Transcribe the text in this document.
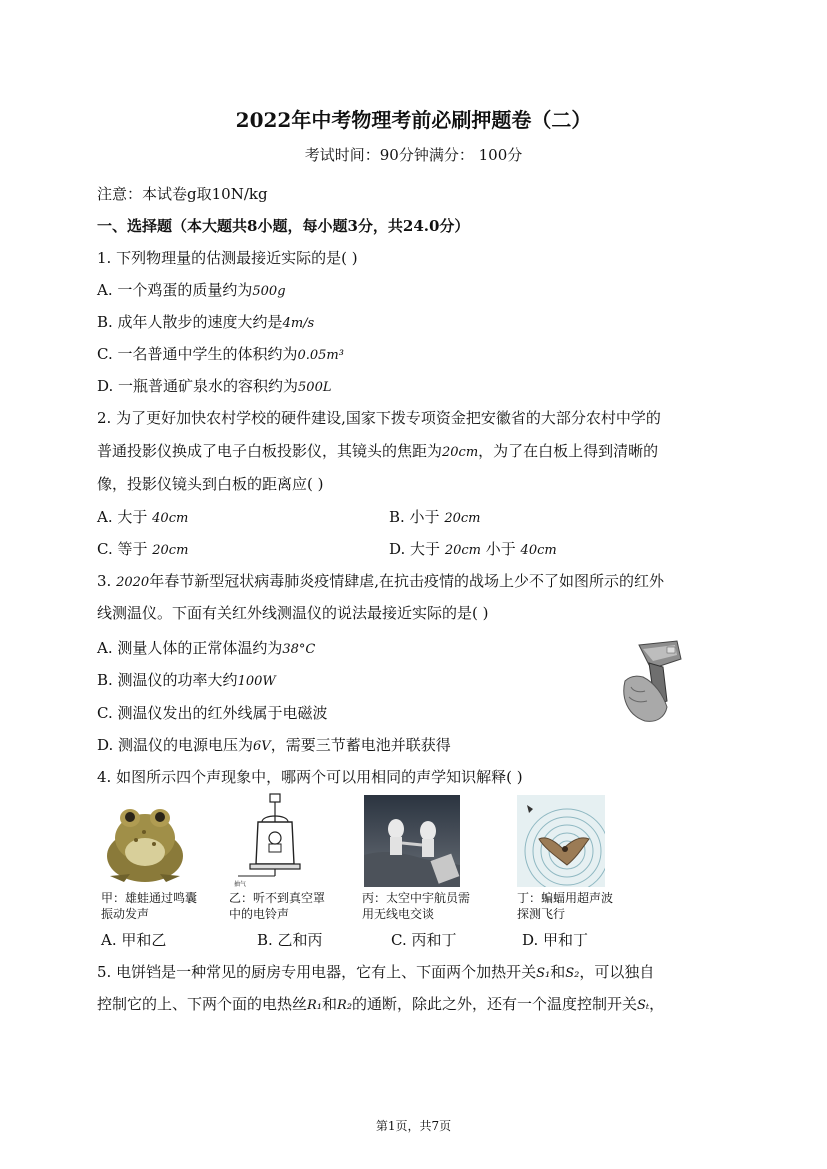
2022年中考物理考前必刷押题卷（二）
考试时间：90分钟满分： 100分
注意：本试卷g取10N/kg
一、选择题（本大题共8小题，每小题3分，共24.0分）
1. 下列物理量的估测最接近实际的是( )
A. 一个鸡蛋的质量约为500g
B. 成年人散步的速度大约是4m/s
C. 一名普通中学生的体积约为0.05m³
D. 一瓶普通矿泉水的容积约为500L
2. 为了更好加快农村学校的硬件建设,国家下拨专项资金把安徽省的大部分农村中学的
普通投影仪换成了电子白板投影仪，其镜头的焦距为20cm，为了在白板上得到清晰的
像，投影仪镜头到白板的距离应( )
A. 大于 40cm	B. 小于 20cm
C. 等于 20cm	D. 大于 20cm 小于 40cm
3. 2020年春节新型冠状病毒肺炎疫情肆虐,在抗击疫情的战场上少不了如图所示的红外
线测温仪。下面有关红外线测温仪的说法最接近实际的是( )
A. 测量人体的正常体温约为38°C
B. 测温仪的功率大约100W
C. 测温仪发出的红外线属于电磁波
D. 测温仪的电源电压为6V，需要三节蓄电池并联获得
4. 如图所示四个声现象中，哪两个可以用相同的声学知识解释( )
抽气
甲：雄蛙通过鸣囊振动发声
乙：听不到真空罩中的电铃声
丙：太空中宇航员需用无线电交谈
丁：蝙蝠用超声波探测飞行
A. 甲和乙	B. 乙和丙	C. 丙和丁	D. 甲和丁
5. 电饼铛是一种常见的厨房专用电器，它有上、下面两个加热开关S₁和S₂，可以独自
控制它的上、下两个面的电热丝R₁和R₂的通断，除此之外，还有一个温度控制开关Sₜ，
第1页，共7页
